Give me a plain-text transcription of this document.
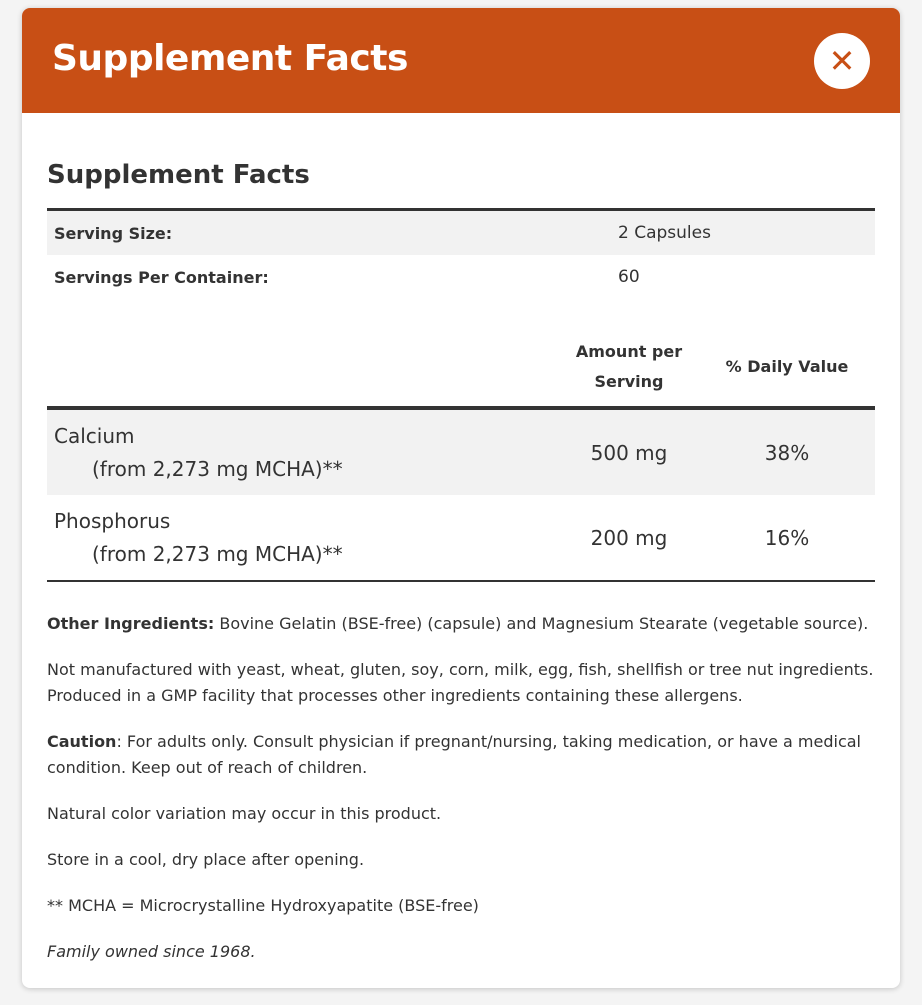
Supplement Facts	✕
Supplement Facts
Serving Size:	2 Capsules
Servings Per Container:	60
	Amount per Serving	% Daily Value

Calcium
(from 2,273 mg MCHA)**	500 mg	38%

Phosphorus
(from 2,273 mg MCHA)**	200 mg	16%

Other Ingredients: Bovine Gelatin (BSE-free) (capsule) and Magnesium Stearate (vegetable source).

Not manufactured with yeast, wheat, gluten, soy, corn, milk, egg, fish, shellfish or tree nut ingredients. Produced in a GMP facility that processes other ingredients containing these allergens.

Caution: For adults only. Consult physician if pregnant/nursing, taking medication, or have a medical condition. Keep out of reach of children.

Natural color variation may occur in this product.

Store in a cool, dry place after opening.

** MCHA = Microcrystalline Hydroxyapatite (BSE-free)

Family owned since 1968.
